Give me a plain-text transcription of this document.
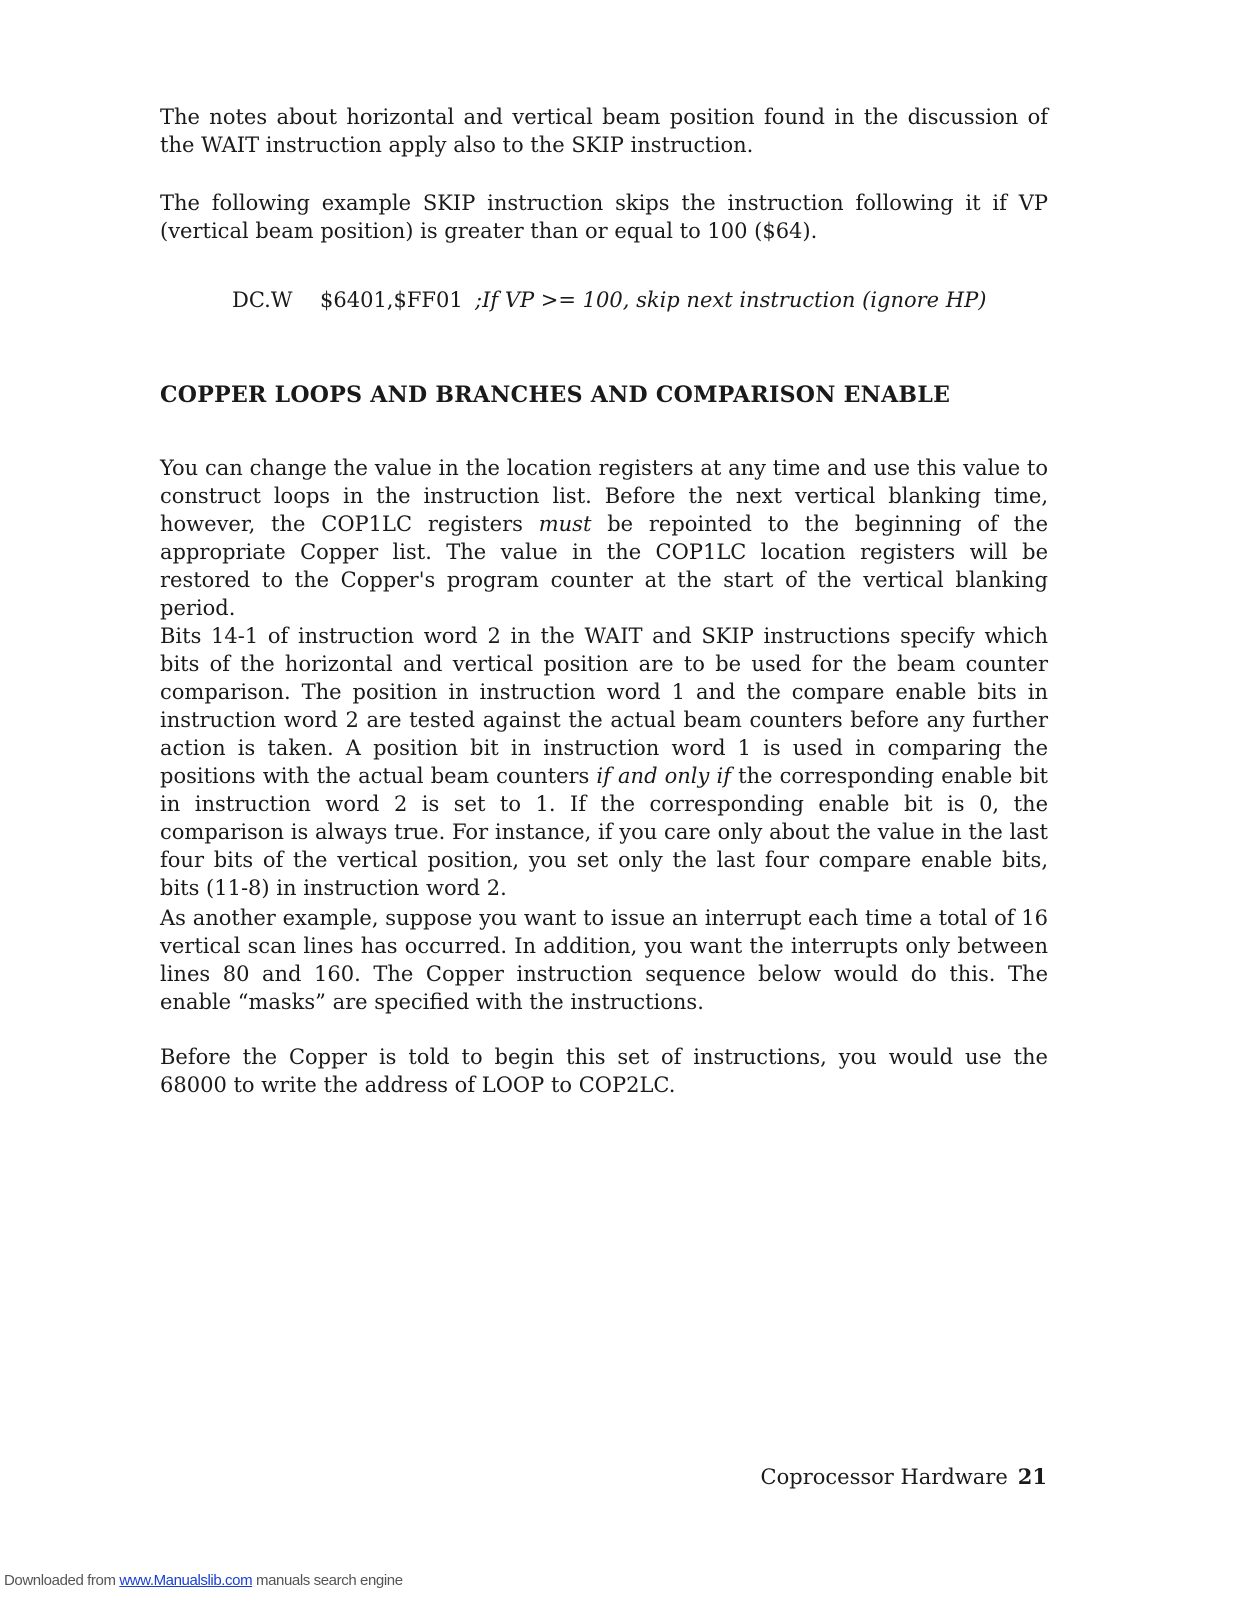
The notes about horizontal and vertical beam position found in the discussion of the WAIT instruction apply also to the SKIP instruction.

The following example SKIP instruction skips the instruction following it if VP (vertical beam position) is greater than or equal to 100 ($64).

DC.W $6401,$FF01 ;If VP >= 100, skip next instruction (ignore HP)
COPPER LOOPS AND BRANCHES AND COMPARISON ENABLE

You can change the value in the location registers at any time and use this value to construct loops in the instruction list. Before the next vertical blanking time, however, the COP1LC registers must be repointed to the beginning of the appropriate Copper list. The value in the COP1LC location registers will be restored to the Copper's program counter at the start of the vertical blanking period.

Bits 14-1 of instruction word 2 in the WAIT and SKIP instructions specify which bits of the horizontal and vertical position are to be used for the beam counter comparison. The position in instruction word 1 and the compare enable bits in instruction word 2 are tested against the actual beam counters before any further action is taken. A position bit in instruction word 1 is used in comparing the positions with the actual beam counters if and only if the corresponding enable bit in instruction word 2 is set to 1. If the corresponding enable bit is 0, the comparison is always true. For instance, if you care only about the value in the last four bits of the vertical position, you set only the last four compare enable bits, bits (11-8) in instruction word 2.

As another example, suppose you want to issue an interrupt each time a total of 16 vertical scan lines has occurred. In addition, you want the interrupts only between lines 80 and 160. The Copper instruction sequence below would do this. The enable “masks” are specified with the instructions.

Before the Copper is told to begin this set of instructions, you would use the 68000 to write the address of LOOP to COP2LC.

Coprocessor Hardware 21
Downloaded from www.Manualslib.com manuals search engine
